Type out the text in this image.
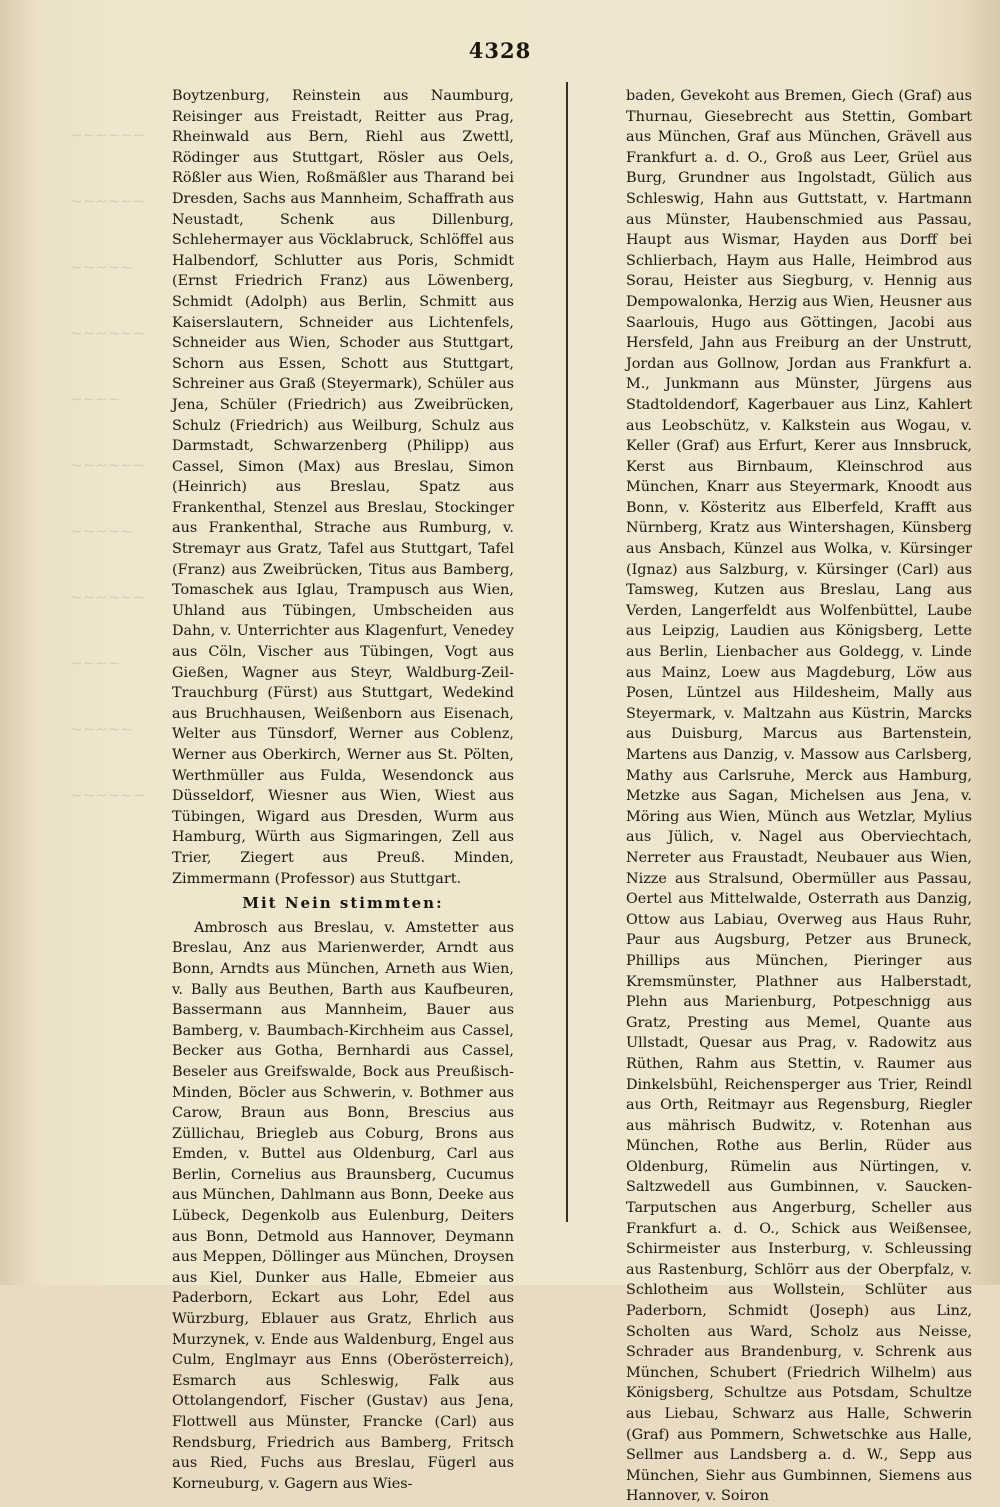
~~~~~~

~~~~~~

~~~~~

~~~~~~

~~~~

~~~~~~

~~~~~

~~~~~~

~~~~

~~~~~

~~~~~~

4328

Boytzenburg, Reinstein aus Naumburg, Reisinger aus Freistadt, Reitter aus Prag, Rheinwald aus Bern, Riehl aus Zwettl, Rödinger aus Stuttgart, Rösler aus Oels, Rößler aus Wien, Roßmäßler aus Tharand bei Dresden, Sachs aus Mannheim, Schaffrath aus Neustadt, Schenk aus Dillenburg, Schlehermayer aus Vöcklabruck, Schlöffel aus Halbendorf, Schlutter aus Poris, Schmidt (Ernst Friedrich Franz) aus Löwenberg, Schmidt (Adolph) aus Berlin, Schmitt aus Kaiserslautern, Schneider aus Lichtenfels, Schneider aus Wien, Schoder aus Stuttgart, Schorn aus Essen, Schott aus Stuttgart, Schreiner aus Graß (Steyermark), Schüler aus Jena, Schüler (Friedrich) aus Zweibrücken, Schulz (Friedrich) aus Weilburg, Schulz aus Darmstadt, Schwarzenberg (Philipp) aus Cassel, Simon (Max) aus Breslau, Simon (Heinrich) aus Breslau, Spatz aus Frankenthal, Stenzel aus Breslau, Stockinger aus Frankenthal, Strache aus Rumburg, v. Stremayr aus Gratz, Tafel aus Stuttgart, Tafel (Franz) aus Zweibrücken, Titus aus Bamberg, Tomaschek aus Iglau, Trampusch aus Wien, Uhland aus Tübingen, Umbscheiden aus Dahn, v. Unterrichter aus Klagenfurt, Venedey aus Cöln, Vischer aus Tübingen, Vogt aus Gießen, Wagner aus Steyr, Waldburg-Zeil-Trauchburg (Fürst) aus Stuttgart, Wedekind aus Bruchhausen, Weißenborn aus Eisenach, Welter aus Tünsdorf, Werner aus Coblenz, Werner aus Oberkirch, Werner aus St. Pölten, Werthmüller aus Fulda, Wesendonck aus Düsseldorf, Wiesner aus Wien, Wiest aus Tübingen, Wigard aus Dresden, Wurm aus Hamburg, Würth aus Sigmaringen, Zell aus Trier, Ziegert aus Preuß. Minden, Zimmermann (Professor) aus Stuttgart.

Mit Nein stimmten:

Ambrosch aus Breslau, v. Amstetter aus Breslau, Anz aus Marienwerder, Arndt aus Bonn, Arndts aus München, Arneth aus Wien, v. Bally aus Beuthen, Barth aus Kaufbeuren, Bassermann aus Mannheim, Bauer aus Bamberg, v. Baumbach-Kirchheim aus Cassel, Becker aus Gotha, Bernhardi aus Cassel, Beseler aus Greifswalde, Bock aus Preußisch-Minden, Böcler aus Schwerin, v. Bothmer aus Carow, Braun aus Bonn, Brescius aus Züllichau, Briegleb aus Coburg, Brons aus Emden, v. Buttel aus Oldenburg, Carl aus Berlin, Cornelius aus Braunsberg, Cucumus aus München, Dahlmann aus Bonn, Deeke aus Lübeck, Degenkolb aus Eulenburg, Deiters aus Bonn, Detmold aus Hannover, Deymann aus Meppen, Döllinger aus München, Droysen aus Kiel, Dunker aus Halle, Ebmeier aus Paderborn, Eckart aus Lohr, Edel aus Würzburg, Eblauer aus Gratz, Ehrlich aus Murzynek, v. Ende aus Waldenburg, Engel aus Culm, Englmayr aus Enns (Oberösterreich), Esmarch aus Schleswig, Falk aus Ottolangendorf, Fischer (Gustav) aus Jena, Flottwell aus Münster, Francke (Carl) aus Rendsburg, Friedrich aus Bamberg, Fritsch aus Ried, Fuchs aus Breslau, Fügerl aus Korneuburg, v. Gagern aus Wies-

baden, Gevekoht aus Bremen, Giech (Graf) aus Thurnau, Giesebrecht aus Stettin, Gombart aus München, Graf aus München, Grävell aus Frankfurt a. d. O., Groß aus Leer, Grüel aus Burg, Grundner aus Ingolstadt, Gülich aus Schleswig, Hahn aus Guttstatt, v. Hartmann aus Münster, Haubenschmied aus Passau, Haupt aus Wismar, Hayden aus Dorff bei Schlierbach, Haym aus Halle, Heimbrod aus Sorau, Heister aus Siegburg, v. Hennig aus Dempowalonka, Herzig aus Wien, Heusner aus Saarlouis, Hugo aus Göttingen, Jacobi aus Hersfeld, Jahn aus Freiburg an der Unstrutt, Jordan aus Gollnow, Jordan aus Frankfurt a. M., Junkmann aus Münster, Jürgens aus Stadtoldendorf, Kagerbauer aus Linz, Kahlert aus Leobschütz, v. Kalkstein aus Wogau, v. Keller (Graf) aus Erfurt, Kerer aus Innsbruck, Kerst aus Birnbaum, Kleinschrod aus München, Knarr aus Steyermark, Knoodt aus Bonn, v. Kösteritz aus Elberfeld, Krafft aus Nürnberg, Kratz aus Wintershagen, Künsberg aus Ansbach, Künzel aus Wolka, v. Kürsinger (Ignaz) aus Salzburg, v. Kürsinger (Carl) aus Tamsweg, Kutzen aus Breslau, Lang aus Verden, Langerfeldt aus Wolfenbüttel, Laube aus Leipzig, Laudien aus Königsberg, Lette aus Berlin, Lienbacher aus Goldegg, v. Linde aus Mainz, Loew aus Magdeburg, Löw aus Posen, Lüntzel aus Hildesheim, Mally aus Steyermark, v. Maltzahn aus Küstrin, Marcks aus Duisburg, Marcus aus Bartenstein, Martens aus Danzig, v. Massow aus Carlsberg, Mathy aus Carlsruhe, Merck aus Hamburg, Metzke aus Sagan, Michelsen aus Jena, v. Möring aus Wien, Münch aus Wetzlar, Mylius aus Jülich, v. Nagel aus Oberviechtach, Nerreter aus Fraustadt, Neubauer aus Wien, Nizze aus Stralsund, Obermüller aus Passau, Oertel aus Mittelwalde, Osterrath aus Danzig, Ottow aus Labiau, Overweg aus Haus Ruhr, Paur aus Augsburg, Petzer aus Bruneck, Phillips aus München, Pieringer aus Kremsmünster, Plathner aus Halberstadt, Plehn aus Marienburg, Potpeschnigg aus Gratz, Presting aus Memel, Quante aus Ullstadt, Quesar aus Prag, v. Radowitz aus Rüthen, Rahm aus Stettin, v. Raumer aus Dinkelsbühl, Reichensperger aus Trier, Reindl aus Orth, Reitmayr aus Regensburg, Riegler aus mährisch Budwitz, v. Rotenhan aus München, Rothe aus Berlin, Rüder aus Oldenburg, Rümelin aus Nürtingen, v. Saltzwedell aus Gumbinnen, v. Saucken-Tarputschen aus Angerburg, Scheller aus Frankfurt a. d. O., Schick aus Weißensee, Schirmeister aus Insterburg, v. Schleussing aus Rastenburg, Schlörr aus der Oberpfalz, v. Schlotheim aus Wollstein, Schlüter aus Paderborn, Schmidt (Joseph) aus Linz, Scholten aus Ward, Scholz aus Neisse, Schrader aus Brandenburg, v. Schrenk aus München, Schubert (Friedrich Wilhelm) aus Königsberg, Schultze aus Potsdam, Schultze aus Liebau, Schwarz aus Halle, Schwerin (Graf) aus Pommern, Schwetschke aus Halle, Sellmer aus Landsberg a. d. W., Sepp aus München, Siehr aus Gumbinnen, Siemens aus Hannover, v. Soiron
